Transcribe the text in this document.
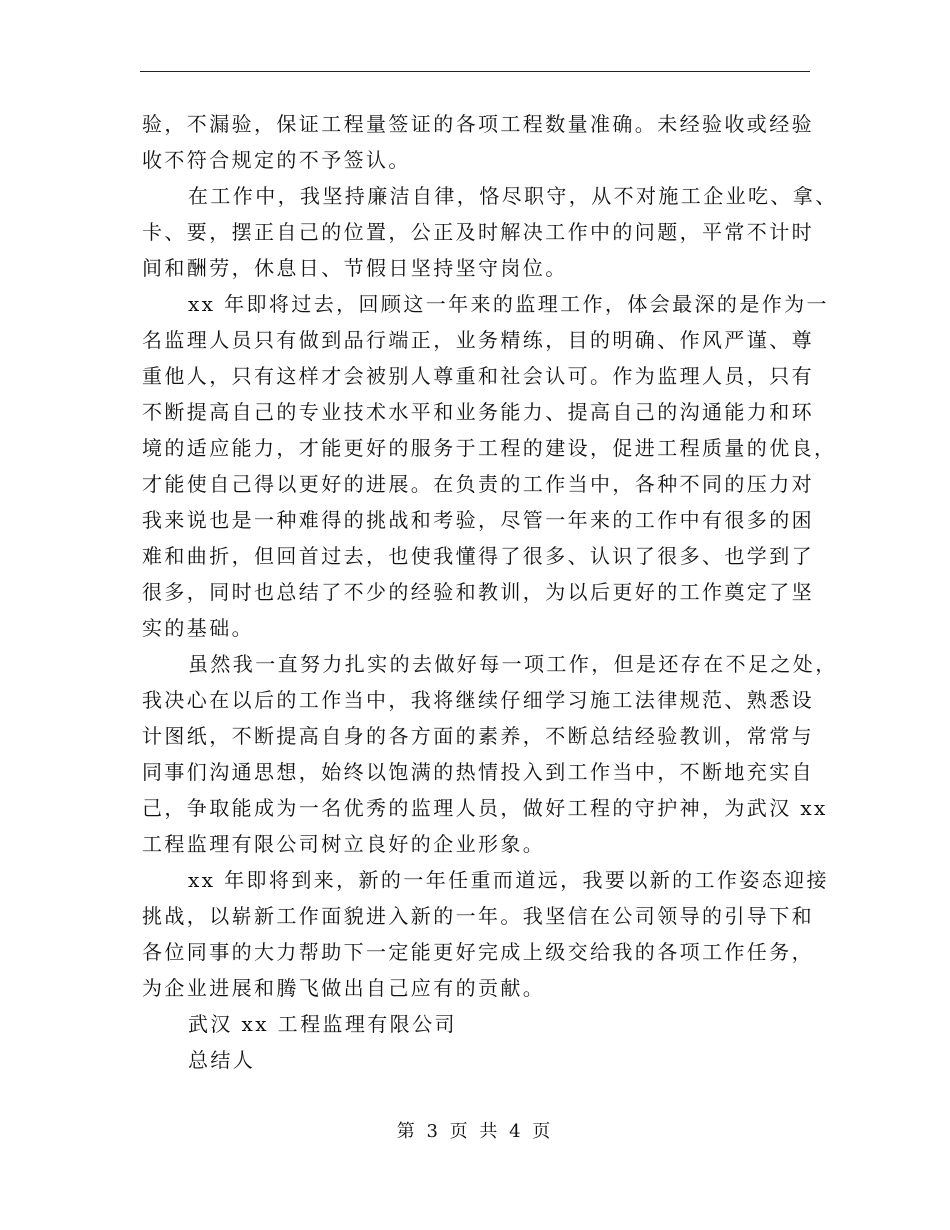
验，不漏验，保证工程量签证的各项工程数量准确。未经验收或经验

收不符合规定的不予签认。

在工作中，我坚持廉洁自律，恪尽职守，从不对施工企业吃、拿、

卡、要，摆正自己的位置，公正及时解决工作中的问题，平常不计时

间和酬劳，休息日、节假日坚持坚守岗位。

xx 年即将过去，回顾这一年来的监理工作，体会最深的是作为一

名监理人员只有做到品行端正，业务精练，目的明确、作风严谨、尊

重他人，只有这样才会被别人尊重和社会认可。作为监理人员，只有

不断提高自己的专业技术水平和业务能力、提高自己的沟通能力和环

境的适应能力，才能更好的服务于工程的建设，促进工程质量的优良，

才能使自己得以更好的进展。在负责的工作当中，各种不同的压力对

我来说也是一种难得的挑战和考验，尽管一年来的工作中有很多的困

难和曲折，但回首过去，也使我懂得了很多、认识了很多、也学到了

很多，同时也总结了不少的经验和教训，为以后更好的工作奠定了坚

实的基础。

虽然我一直努力扎实的去做好每一项工作，但是还存在不足之处，

我决心在以后的工作当中，我将继续仔细学习施工法律规范、熟悉设

计图纸，不断提高自身的各方面的素养，不断总结经验教训，常常与

同事们沟通思想，始终以饱满的热情投入到工作当中，不断地充实自

己，争取能成为一名优秀的监理人员，做好工程的守护神，为武汉 xx

工程监理有限公司树立良好的企业形象。

xx 年即将到来，新的一年任重而道远，我要以新的工作姿态迎接

挑战，以崭新工作面貌进入新的一年。我坚信在公司领导的引导下和

各位同事的大力帮助下一定能更好完成上级交给我的各项工作任务，

为企业进展和腾飞做出自己应有的贡献。

武汉 xx 工程监理有限公司

总结人

第 3 页 共 4 页
